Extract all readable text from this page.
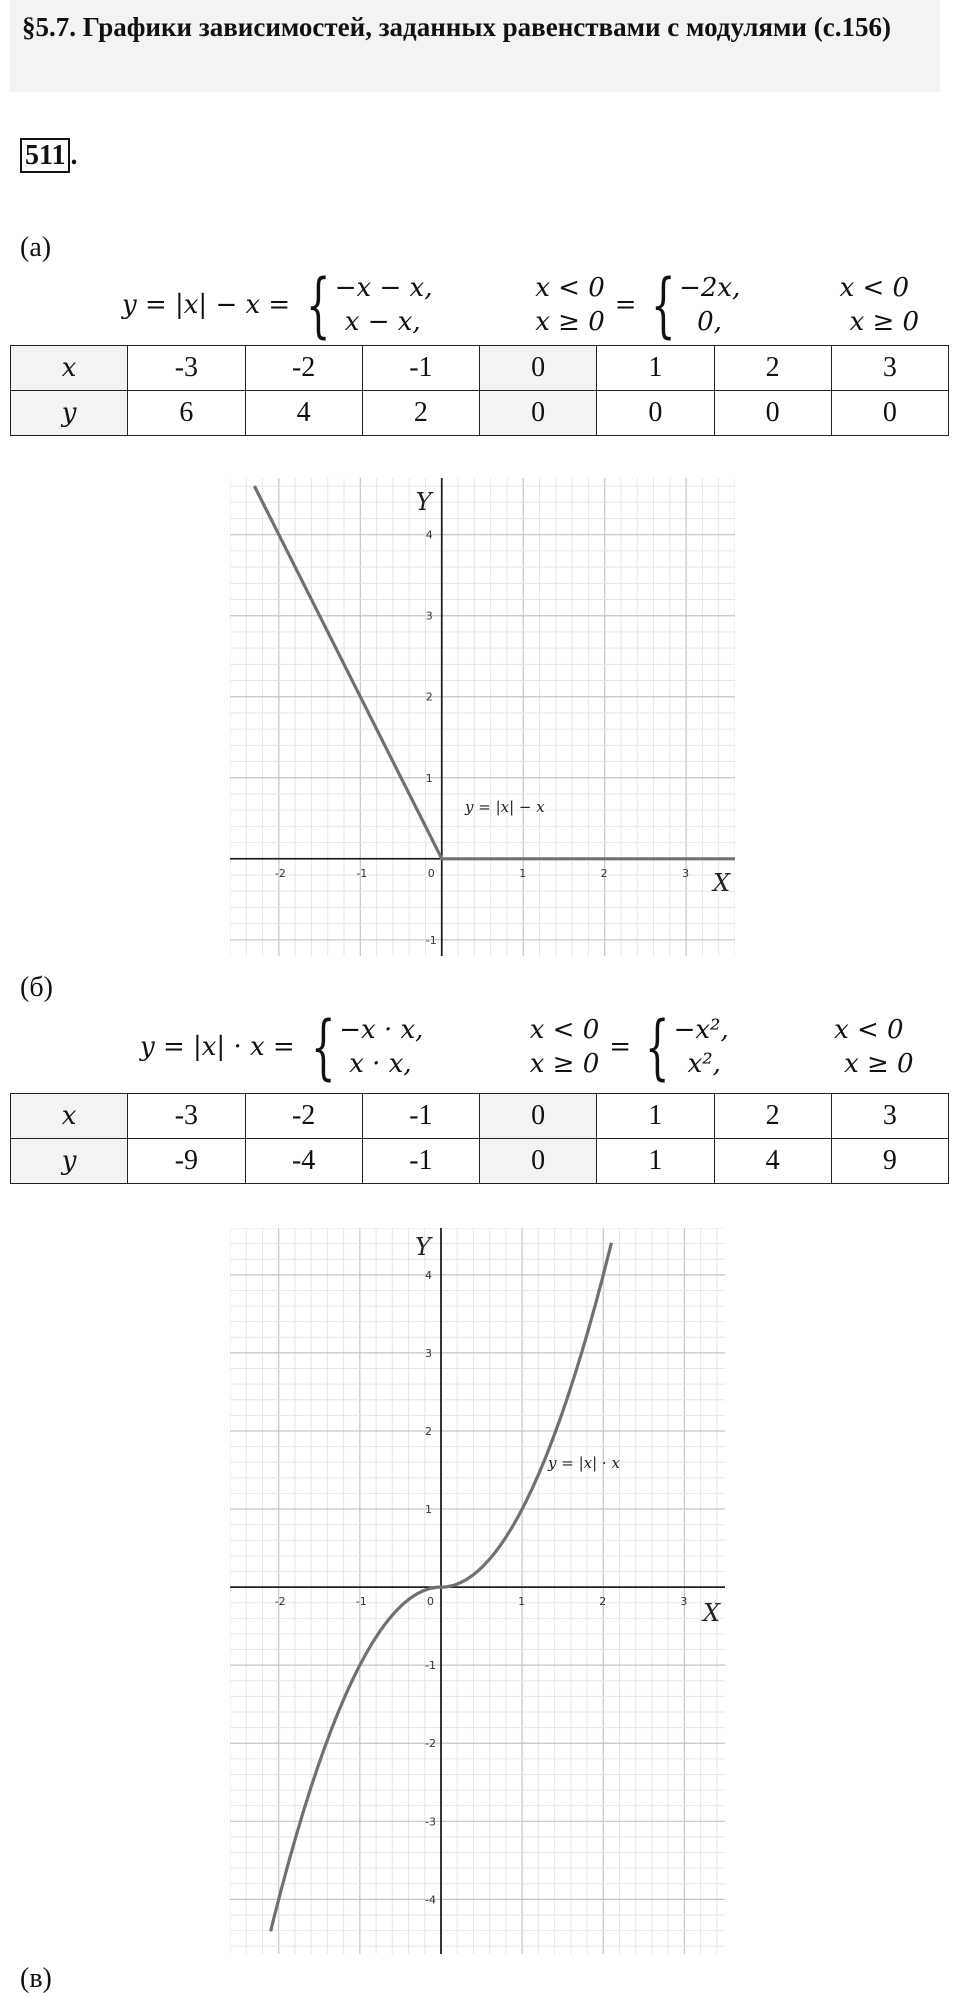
§5.7. Графики зависимостей, заданных равенствами с модулями (с.156)
511 .
(а)
y = |x| − x = { −x − x,	x < 0
x − x,	x ≥ 0
= { −2x,	x < 0
0,	x ≥ 0
x	-3	-2	-1	0	1	2	3
y	6	4	2	0	0	0	0
-2	-1	0	1	2	3
4
3
2
1
-1
X
Y
y = |x| − x
(б)
y = |x| · x = { −x · x,	x < 0
x · x,	x ≥ 0
= { −x²,	x < 0
x²,	x ≥ 0
x	-3	-2	-1	0	1	2	3
y	-9	-4	-1	0	1	4	9
-2	-1	0	1	2	3
4
3
2
1
-1
-2
-3
-4
X
Y
y = |x| · x
(в)
